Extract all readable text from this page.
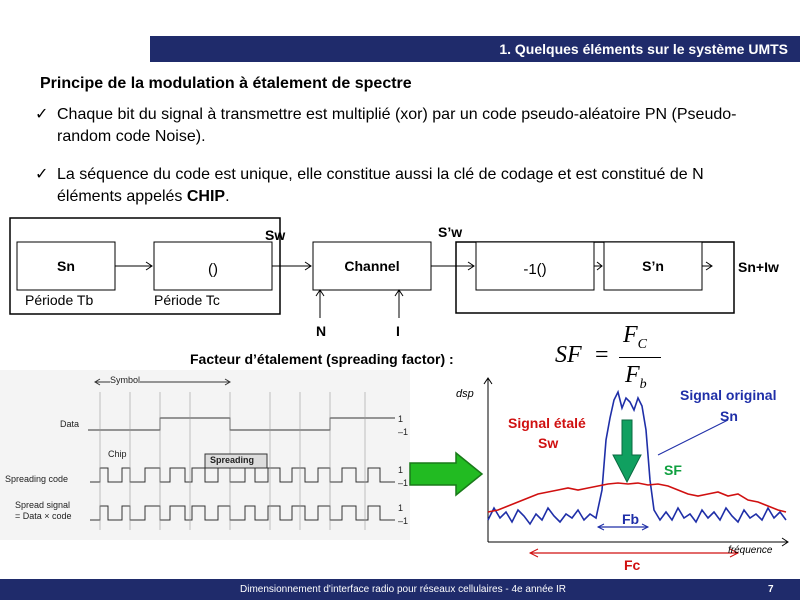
1. Quelques éléments sur le système UMTS
Principe de la modulation à étalement de spectre
✓ Chaque bit du signal à transmettre est multiplié (xor) par un code pseudo-aléatoire PN (Pseudo-random code Noise).
✓ La séquence du code est unique, elle constitue aussi la clé de codage et est constitué de N éléments appelés CHIP.
Sn	()	Channel	-1()	S’n
Sw	S’w
Sn+Iw
Période Tb	Période Tc
N	I
Facteur d’étalement (spreading factor) :	SF =
$F_C$
$F_b$
Symbol
Data
Chip
Spreading
Spreading code
Spread signal
= Data × code
1
–1
1
–1
1
–1
dsp
fréquence
Signal étalé
Sw
Signal original
Sn
SF
Fb
Fc
Dimensionnement d'interface radio pour réseaux cellulaires - 4e année IR	7
